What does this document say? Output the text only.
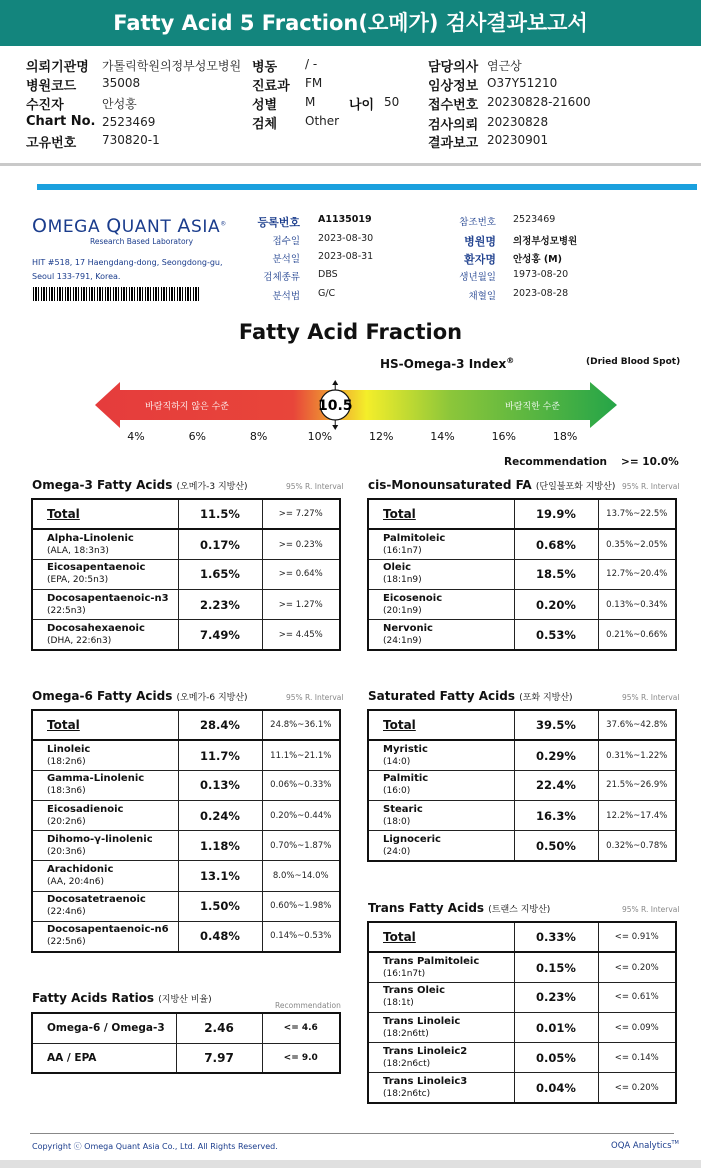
Fatty Acid 5 Fraction(오메가) 검사결과보고서
의뢰기관명 가톨릭학원의정부성모병원 병동 / -	담당의사 염근상
병원코드 35008	진료과 FM	임상정보 O37Y51210
수진자	안성홍	성별 M	나이 50 접수번호 20230828-21600
Chart No. 2523469	검체 Other	검사의뢰 20230828
고유번호 730820-1	결과보고 20230901
OMEGA QUANT ASIA®
Research Based Laboratory
HIT #518, 17 Haengdang-dong, Seongdong-gu, Seoul 133-791, Korea.
등록번호 A1135019
접수일 2023-08-30
분석일 2023-08-31
검체종류 DBS
분석법 G/C
참조번호 2523469
병원명 의정부성모병원
환자명 안성홍 (M)
생년월일 1973-08-20
채혈일 2023-08-28
Fatty Acid Fraction
HS-Omega-3 Index®	(Dried Blood Spot)
바람직하지 않은 수준	바람직한 수준
10.5
4%	6%	8%	10%	12%	14%	16%	18%
Recommendation >= 10.0%
Omega-3 Fatty Acids (오메가-3 지방산)	95% R. Interval
Total	11.5%	>= 7.27%
Alpha-Linolenic
(ALA, 18:3n3)	0.17%	>= 0.23%
Eicosapentaenoic
(EPA, 20:5n3)	1.65%	>= 0.64%
Docosapentaenoic-n3
(22:5n3)	2.23%	>= 1.27%
Docosahexaenoic
(DHA, 22:6n3)	7.49%	>= 4.45%
cis-Monounsaturated FA (단일불포화 지방산) 95% R. Interval
Total	19.9%	13.7%~22.5%
Palmitoleic
(16:1n7)	0.68%	0.35%~2.05%
Oleic
(18:1n9)	18.5%	12.7%~20.4%
Eicosenoic
(20:1n9)	0.20%	0.13%~0.34%
Nervonic
(24:1n9)	0.53%	0.21%~0.66%
Omega-6 Fatty Acids (오메가-6 지방산)	95% R. Interval
Total	28.4%	24.8%~36.1%
Linoleic
(18:2n6)	11.7%	11.1%~21.1%
Gamma-Linolenic
(18:3n6)	0.13%	0.06%~0.33%
Eicosadienoic
(20:2n6)	0.24%	0.20%~0.44%
Dihomo-γ-linolenic
(20:3n6)	1.18%	0.70%~1.87%
Arachidonic
(AA, 20:4n6)	13.1%	8.0%~14.0%
Docosatetraenoic
(22:4n6)	1.50%	0.60%~1.98%
Docosapentaenoic-n6
(22:5n6)	0.48%	0.14%~0.53%
Saturated Fatty Acids (포화 지방산)	95% R. Interval
Total	39.5%	37.6%~42.8%
Myristic
(14:0)	0.29%	0.31%~1.22%
Palmitic
(16:0)	22.4%	21.5%~26.9%
Stearic
(18:0)	16.3%	12.2%~17.4%
Lignoceric
(24:0)	0.50%	0.32%~0.78%
Trans Fatty Acids (트랜스 지방산)	95% R. Interval
Total	0.33%	<= 0.91%
Trans Palmitoleic
(16:1n7t)	0.15%	<= 0.20%
Trans Oleic
(18:1t)	0.23%	<= 0.61%
Trans Linoleic
(18:2n6tt)	0.01%	<= 0.09%
Trans Linoleic2
(18:2n6ct)	0.05%	<= 0.14%
Trans Linoleic3
(18:2n6tc)	0.04%	<= 0.20%
Fatty Acids Ratios (지방산 비율)
Recommendation
Omega-6 / Omega-3	2.46	<= 4.6
AA / EPA	7.97	<= 9.0
Copyright ⓒ Omega Quant Asia Co., Ltd. All Rights Reserved.	OQA Analytics™
